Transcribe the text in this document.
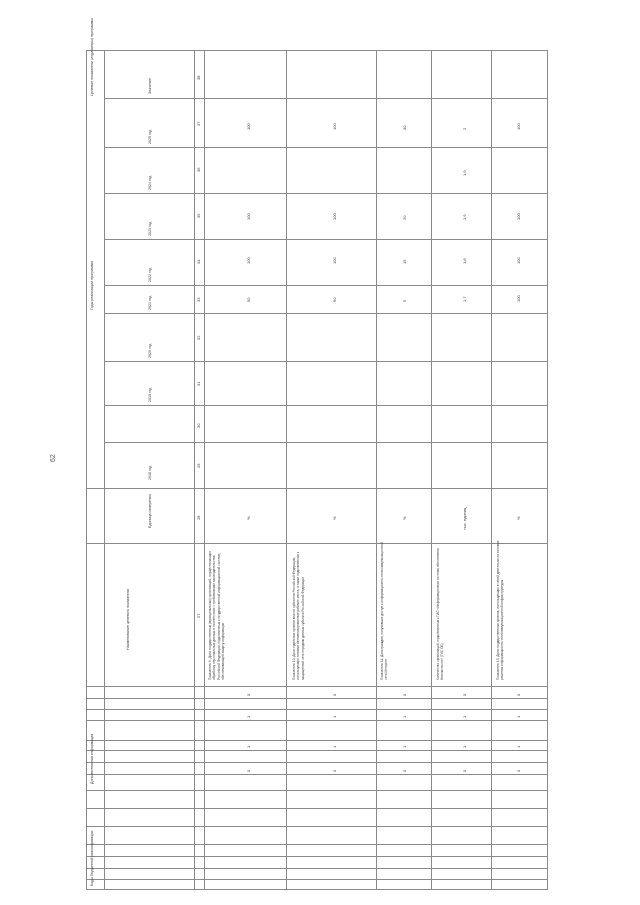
62
Целевые показатели (индикаторы) программы
Годы реализации программы
Значение
2025 год
2024 год
2023 год
2022 год
2021 год
2020 год
2019 год
2018 год
Единица измерения
Наименование целевого показателя
Коды бюджетной классификации
Дополнительная информация
38
37
36
35
34
33
32
31
30
29
28
27 Показатель 9. Доля государственных (муниципальных) организаций, осуществляющих обработку персональных данных в соответствии с требованиями законодательства Российской Федерации, подключенных к государственной информационной системе, обеспечивающей защиту информации
%
50
100
100
100
Показатель 10. Доля отдельных органов власти субъектов Российской Федерации, использующих типовые автоматизированные рабочие места, а также подключенных к защищенной сети передачи данных субъекта Российской Федерации
%
90
100
100
100
Показатель 11. Доля граждан, получивших доступ к информационно-телекоммуникационной сети Интернет
%
5
15
20
30
Количество организаций, подключенных к ГИС «Информационная система обеспечения безопасности» (ГИС ОБ)
тыс. единиц
1,7
1,8
1,9
1,9
2
Показатель 13. Доля государственных органов, использующих в своей деятельности типовые решения информационно-телекоммуникационной инфраструктуры
%
100
100
100
100
0
1
1
0
0
1
1
0
0
1
1
0
0
1
1
0
0
1
1
0
